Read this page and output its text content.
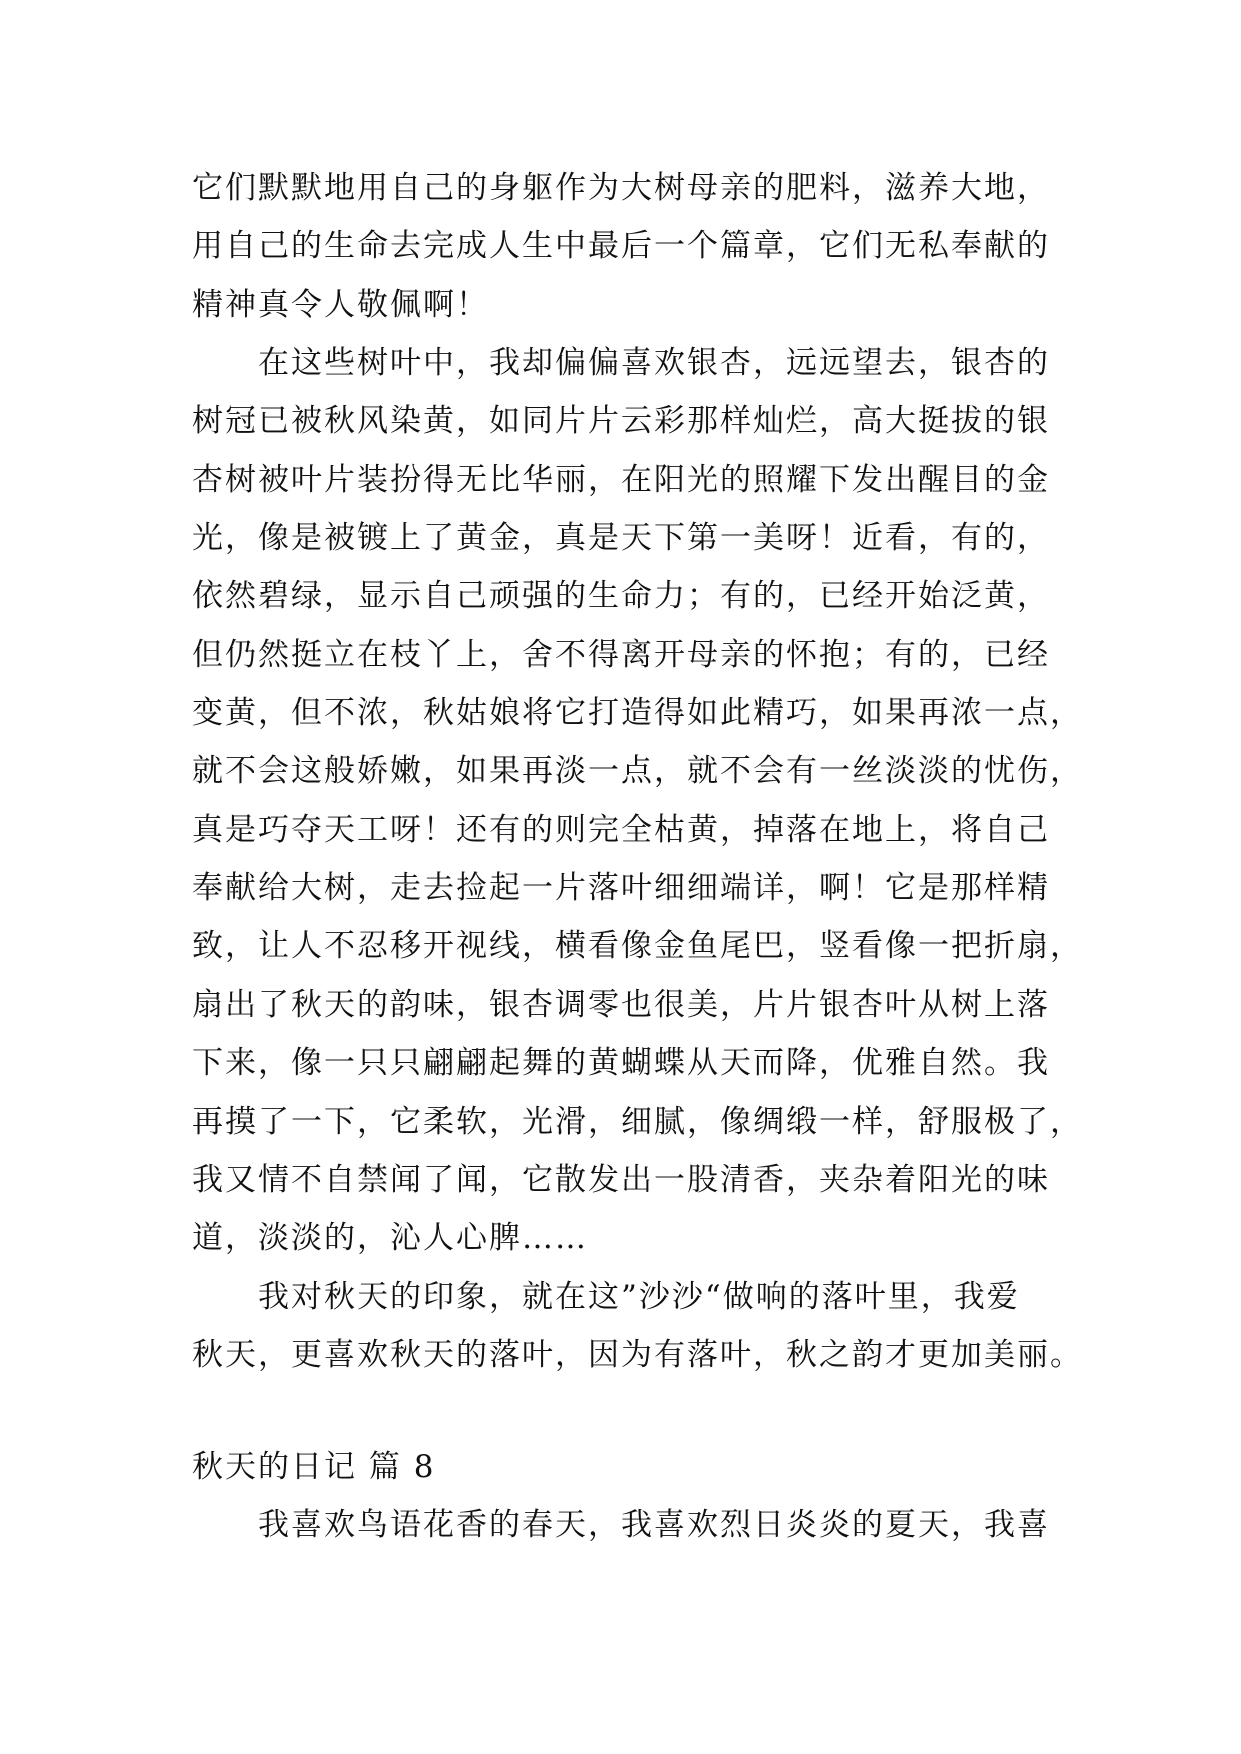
它们默默地用自己的身躯作为大树母亲的肥料，滋养大地，
用自己的生命去完成人生中最后一个篇章，它们无私奉献的
精神真令人敬佩啊！
在这些树叶中，我却偏偏喜欢银杏，远远望去，银杏的
树冠已被秋风染黄，如同片片云彩那样灿烂，高大挺拔的银
杏树被叶片装扮得无比华丽，在阳光的照耀下发出醒目的金
光，像是被镀上了黄金，真是天下第一美呀！近看，有的，
依然碧绿，显示自己顽强的生命力；有的，已经开始泛黄，
但仍然挺立在枝丫上，舍不得离开母亲的怀抱；有的，已经
变黄，但不浓，秋姑娘将它打造得如此精巧，如果再浓一点，
就不会这般娇嫩，如果再淡一点，就不会有一丝淡淡的忧伤，
真是巧夺天工呀！还有的则完全枯黄，掉落在地上，将自己
奉献给大树，走去捡起一片落叶细细端详，啊！它是那样精
致，让人不忍移开视线，横看像金鱼尾巴，竖看像一把折扇，
扇出了秋天的韵味，银杏调零也很美，片片银杏叶从树上落
下来，像一只只翩翩起舞的黄蝴蝶从天而降，优雅自然。我
再摸了一下，它柔软，光滑，细腻，像绸缎一样，舒服极了，
我又情不自禁闻了闻，它散发出一股清香，夹杂着阳光的味
道，淡淡的，沁人心脾……
我对秋天的印象，就在这”沙沙“做响的落叶里，我爱
秋天，更喜欢秋天的落叶，因为有落叶，秋之韵才更加美丽。
秋天的日记 篇 8
我喜欢鸟语花香的春天，我喜欢烈日炎炎的夏天，我喜
